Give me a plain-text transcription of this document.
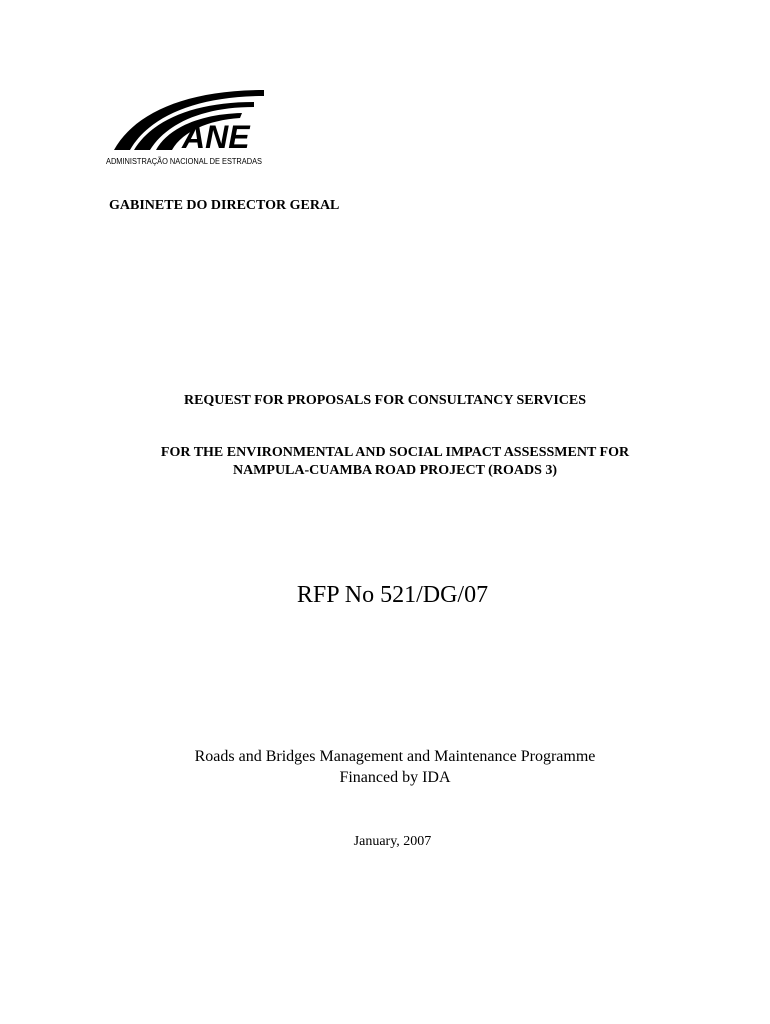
ANE
ADMINISTRAÇÃO NACIONAL DE ESTRADAS
GABINETE DO DIRECTOR GERAL
REQUEST FOR PROPOSALS FOR CONSULTANCY SERVICES
FOR THE ENVIRONMENTAL AND SOCIAL IMPACT ASSESSMENT FOR
NAMPULA-CUAMBA ROAD PROJECT (ROADS 3)
RFP No 521/DG/07
Roads and Bridges Management and Maintenance Programme
Financed by IDA
January, 2007
